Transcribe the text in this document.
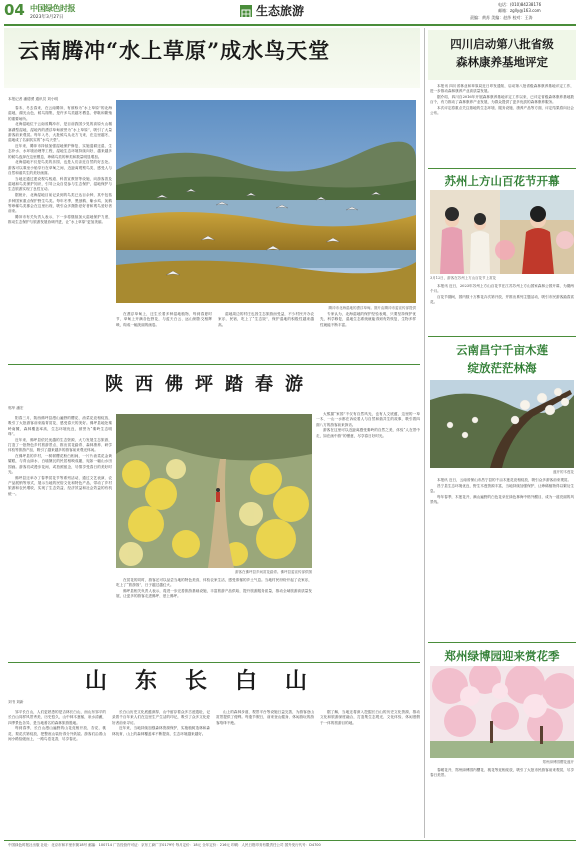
04 中国绿色时报
2023年3月27日	生态旅游	电话：(010)84238176
邮箱：zglly@163.com
责编：黄苏 美编：赵莎 校对：王涛
云南腾冲“水上草原”成水鸟天堂
本报记者 潘德勇 通讯员 刘小明

春末、冬去春来，在云南腾冲，有被称为“水上草原”的北海湿地，湖光山色，候鸟翔集，是许多鸟类越冬栖息、停歇和繁殖的重要场所。

北海湿地位于云南省腾冲市，是目前我国少见的高原火山堰塞湖型湿地，湿地内的漂浮草甸被誉为“水上草原”，吸引了大量游客前来观赏。每年入冬，大批候鸟从北方飞来，在这里越冬，湿地成了名副其实的“水鸟天堂”。

近年来，腾冲市持续加强湿地保护修复，实施退耕还湿、生态补水、水环境治理等工程，湿地生态环境持续向好，越来越多的候鸟选择在这里栖息，珍稀鸟类的种类和数量明显增加。

北海湿地不仅是鸟类的乐园，也是人们亲近自然的好去处。游客可以乘坐小船穿行在草甸之间，近距离观察鸟类，感受人与自然和谐共生的美好画面。

当地还通过建设观鸟栈道、科普宣教馆等设施，向游客普及湿地和鸟类保护知识，引导公众自觉参与生态保护，湿地保护与生态旅游实现了良性互动。

据统计，北海湿地目前记录到的鸟类已达百余种，其中包括多种国家重点保护野生鸟类。每年冬季，黑颈鹤、紫水鸡、灰鹤等珍稀鸟类都会在这里出现，吸引众多摄影爱好者和观鸟爱好者前来。

腾冲市有关负责人表示，下一步将继续加大湿地保护力度，推动生态保护与旅游发展协调并进，让“水上草原”更加美丽。

腾冲市北海湿地的漂浮草甸。图片由腾冲市委宣传部提供

在漂浮草甸上，还生长着多种湿地植物，每到春夏时节，草甸上开满各色野花，与蓝天白云、远山倒影交相辉映，构成一幅美丽的画卷。

湿地周边的村庄也因生态旅游而受益，不少村民开办农家乐、民宿，吃上了“生态饭”，保护湿地的积极性越来越高。

专家认为，北海湿地的保护经验表明，只要坚持保护优先，科学修复，湿地生态系统就能得到有效恢复，生物多样性就能不断丰富。

陕西佛坪踏春游
郭华 潘宏

阳春三月，陕西佛坪县漫山遍野的樱花、油菜花竞相绽放，吸引了大批游客前来踏青赏花，感受春天的美好。佛坪县地处秦岭南麓，森林覆盖率高，生态环境优良，被誉为“秦岭生态明珠”。

近年来，佛坪县依托优越的生态资源，大力发展生态旅游，打造了一批特色乡村旅游景点，推出赏花踏青、森林康养、研学体验等旅游产品，吸引了越来越多的游客前来观光休闲。

在佛坪县的乡村，一树树樱花粉白相间，一片片油菜花金黄耀眼，与青山绿水、白墙黛瓦的民居相映成趣，宛如一幅山水田园画。游客们或漫步花间，或拍照留念，尽情享受春日的美好时光。

佛坪县还举办了春季赏花节等系列活动，通过文艺表演、农产品展销等形式，展示当地的民俗文化和特色产品，带动了乡村旅游和农民增收，实现了生态效益、经济效益和社会效益的有机统一。

游客在佛坪县乡间赏花踏青。佛坪县委宣传部供图

在赏花的同时，游客还可以品尝当地的特色美食，体验农家生活，感受浓郁的乡土气息。当地村民纷纷开起了农家乐，吃上了“旅游饭”，日子越过越红火。

佛坪县相关负责人表示，将进一步完善旅游基础设施，丰富旅游产品供给，提升旅游服务质量，推动全域旅游高质量发展，让更多的游客走进佛坪、爱上佛坪。

大熊猫“家园”不仅有自然风光，也有人文底蕴，这里的一草一木、一山一水都在诉说着人与自然和谐共生的故事，吸引着四面八方的游客前来探访。

游客在这里可以近距离感受秦岭的自然之美，体验“人在景中走，如在画中游”的惬意，尽享春日好时光。

山东长白山
刘书 刘新

邹平长白山，人们更熟悉的是吉林长白山，而山东邹平的长白山同样风景秀美，历史悠久，山中林木葱郁，泉水清澈，四季景色各异，是当地著名的森林旅游胜地。

每到春季，长白山漫山遍野的山花竞相开放，杏花、桃花、梨花次第绽放，把整座山装扮得分外妖娆。游客们沿着山间小路拾级而上，一路鸟语花香，尽享春光。

长白山历史文化底蕴深厚，山中留存着众多古迹遗址，记录着千百年来人们在这里生产生活的印记，吸引了众多文化爱好者前来寻访。

近年来，当地持续加强森林资源保护，实施植树造林和森林抚育，山上的森林覆盖率不断提高，生态环境越来越好。

山上的森林步道、观景平台等设施日益完善，为游客登山赏景提供了便利。每逢节假日，前来登山健身、休闲游玩的游客络绎不绝。

据了解，当地还将深入挖掘长白山的历史文化资源，推动文化和旅游深度融合，打造集生态观光、文化体验、休闲度假于一体的旅游目的地。

四川启动第八批省级
森林康养基地评定

本报讯 四川省林业和草原局近日印发通知，启动第八批省级森林康养基地评定工作，进一步推动森林康养产业高质量发展。

据介绍，四川自2016年开展森林康养基地评定工作以来，已评定省级森林康养基地数百个，有力推动了森林康养产业发展，为群众提供了更多优质的森林康养服务。

本次评定将重点关注基地的生态环境、服务设施、康养产品等方面，评定结果将向社会公布。

苏州上方山百花节开幕
3月12日，游客在苏州上方山百花节上赏花

本报讯 近日，2023年苏州上方山百花节在江苏苏州上方山国家森林公园开幕，为期两个月。

百花节期间，园内数十万株花卉次第开放，并推出系列主题活动，吸引市民游客踏春赏花。

云南昌宁千亩木莲
绽放茫茫林海
盛开的木莲花

本报讯 近日，云南省保山市昌宁县的千亩木莲花竞相绽放，吸引众多游客前来观赏。

昌宁县生态环境优良，野生木莲资源丰富，当地持续加强保护，让珍稀植物得以繁衍生息。

每年春季，木莲花开，满山遍野的白色花朵在绿色林海中格外醒目，成为一道亮丽的风景线。

郑州绿博园迎来赏花季
郑州绿博园樱花盛开

春暖花开，郑州绿博园内樱花、桃花等竞相绽放，吸引了大批市民游客前来观赏，尽享春日美景。

中国绿色时报社出版 社址：北京市和平里东街18号 邮编：100714 广告经营许可证：京东工商广字0179号 每月定价：18元 全年定价：216元 印刷：人民日报印务有限责任公司 国外发行代号：D4700
